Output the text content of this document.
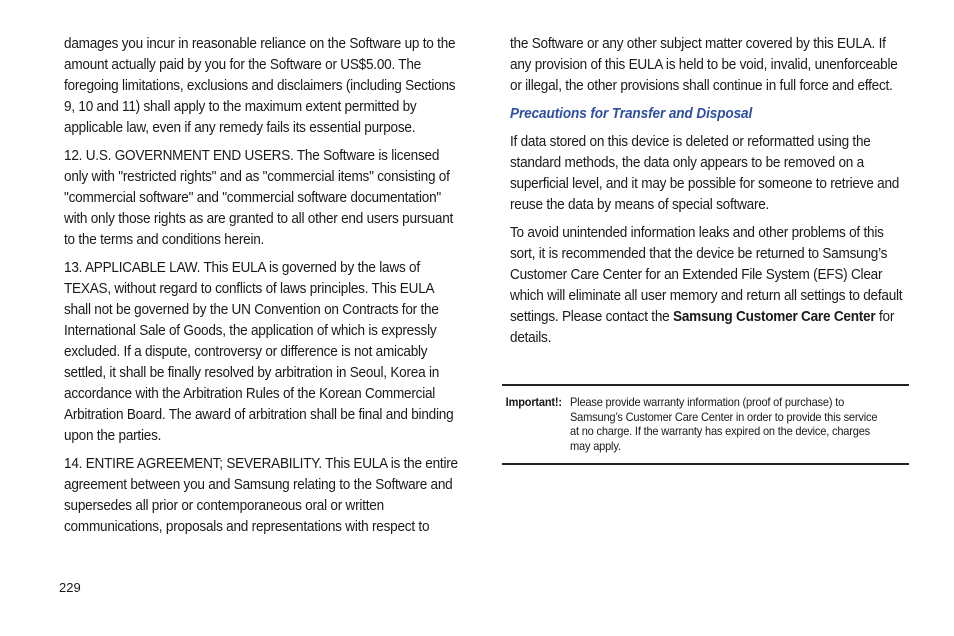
damages you incur in reasonable reliance on the Software up to the amount actually paid by you for the Software or US$5.00. The foregoing limitations, exclusions and disclaimers (including Sections 9, 10 and 11) shall apply to the maximum extent permitted by applicable law, even if any remedy fails its essential purpose.

12. U.S. GOVERNMENT END USERS. The Software is licensed only with "restricted rights" and as "commercial items" consisting of "commercial software" and "commercial software documentation" with only those rights as are granted to all other end users pursuant to the terms and conditions herein.

13. APPLICABLE LAW. This EULA is governed by the laws of TEXAS, without regard to conflicts of laws principles. This EULA shall not be governed by the UN Convention on Contracts for the International Sale of Goods, the application of which is expressly excluded. If a dispute, controversy or difference is not amicably settled, it shall be finally resolved by arbitration in Seoul, Korea in accordance with the Arbitration Rules of the Korean Commercial Arbitration Board. The award of arbitration shall be final and binding upon the parties.

14. ENTIRE AGREEMENT; SEVERABILITY. This EULA is the entire agreement between you and Samsung relating to the Software and supersedes all prior or contemporaneous oral or written communications, proposals and representations with respect to

the Software or any other subject matter covered by this EULA. If any provision of this EULA is held to be void, invalid, unenforceable or illegal, the other provisions shall continue in full force and effect.

Precautions for Transfer and Disposal

If data stored on this device is deleted or reformatted using the standard methods, the data only appears to be removed on a superficial level, and it may be possible for someone to retrieve and reuse the data by means of special software.

To avoid unintended information leaks and other problems of this sort, it is recommended that the device be returned to Samsung’s Customer Care Center for an Extended File System (EFS) Clear which will eliminate all user memory and return all settings to default settings. Please contact the Samsung Customer Care Center for details.

Important!: Please provide warranty information (proof of purchase) to Samsung’s Customer Care Center in order to provide this service at no charge. If the warranty has expired on the device, charges may apply.
229
